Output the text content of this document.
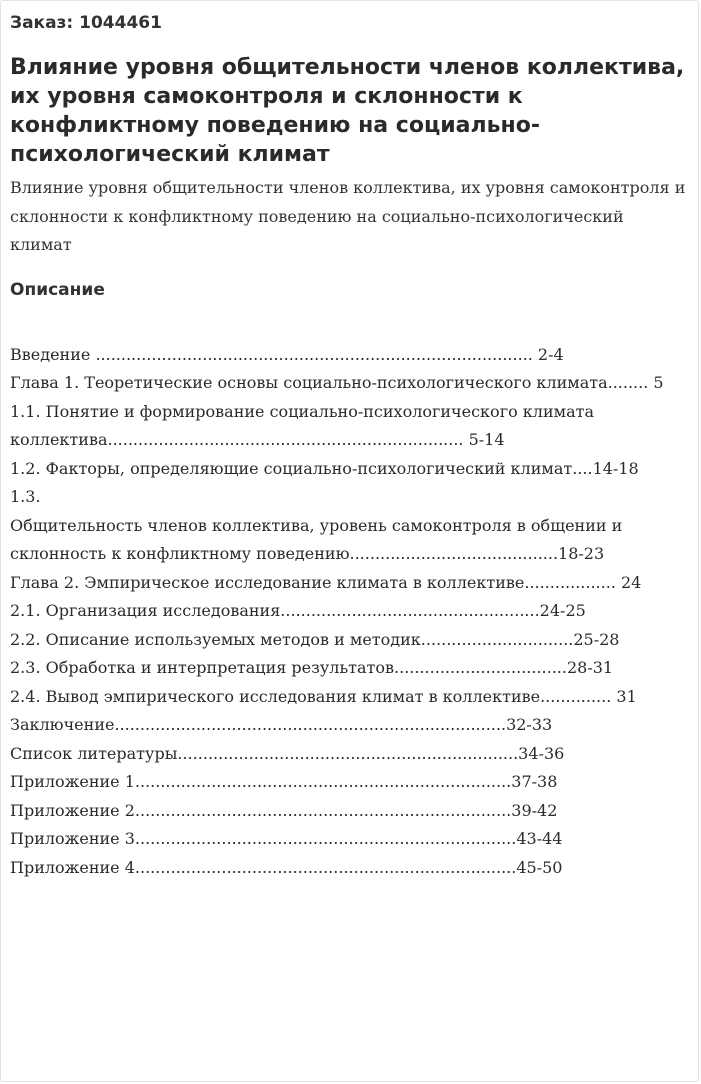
Заказ: 1044461

Влияние уровня общительности членов коллектива, их уровня самоконтроля и склонности к конфликтному поведению на социально-психологический климат

Влияние уровня общительности членов коллектива, их уровня самоконтроля и склонности к конфликтному поведению на социально-психологический климат

Описание
Введение ...................................................................................... 2-4
Глава 1. Теоретические основы социально-психологического климата........ 5
1.1. Понятие и формирование социально-психологического климата коллектива...................................................................... 5-14
1.2. Факторы, определяющие социально-психологический климат....14-18
1.3.
Общительность членов коллектива, уровень самоконтроля в общении и склонность к конфликтному поведению.........................................18-23
Глава 2. Эмпирическое исследование климата в коллективе.................. 24
2.1. Организация исследования...................................................24-25
2.2. Описание используемых методов и методик..............................25-28
2.3. Обработка и интерпретация результатов..................................28-31
2.4. Вывод эмпирического исследования климат в коллективе.............. 31
Заключение.............................................................................32-33
Список литературы...................................................................34-36
Приложение 1..........................................................................37-38
Приложение 2..........................................................................39-42
Приложение 3...........................................................................43-44
Приложение 4...........................................................................45-50
